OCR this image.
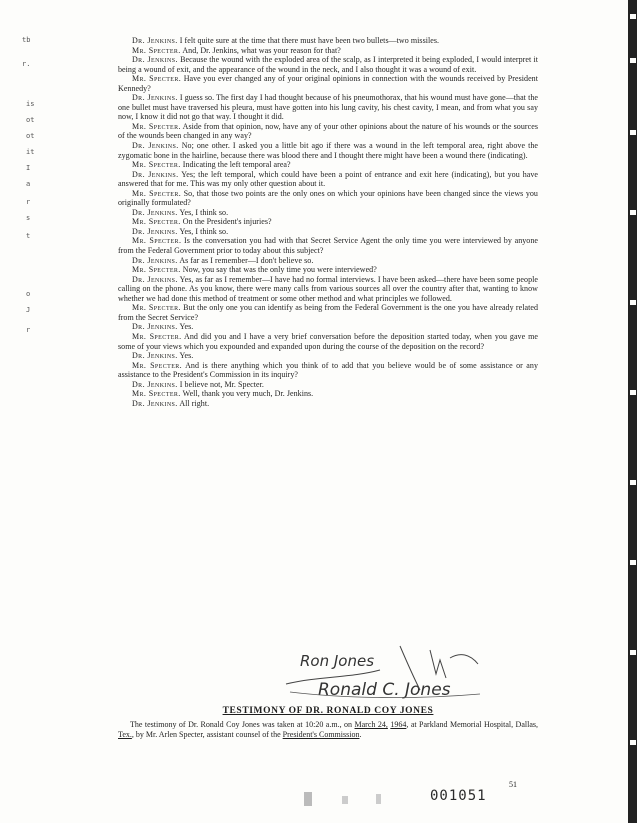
tb
r.
is
ot
ot
it
I
a
r
s
t
o
J
r

Dr. Jenkins. I felt quite sure at the time that there must have been two bullets—two missiles.

Mr. Specter. And, Dr. Jenkins, what was your reason for that?

Dr. Jenkins. Because the wound with the exploded area of the scalp, as I interpreted it being exploded, I would interpret it being a wound of exit, and the appearance of the wound in the neck, and I also thought it was a wound of exit.

Mr. Specter. Have you ever changed any of your original opinions in connection with the wounds received by President Kennedy?

Dr. Jenkins. I guess so. The first day I had thought because of his pneumothorax, that his wound must have gone—that the one bullet must have traversed his pleura, must have gotten into his lung cavity, his chest cavity, I mean, and from what you say now, I know it did not go that way. I thought it did.

Mr. Specter. Aside from that opinion, now, have any of your other opinions about the nature of his wounds or the sources of the wounds been changed in any way?

Dr. Jenkins. No; one other. I asked you a little bit ago if there was a wound in the left temporal area, right above the zygomatic bone in the hairline, because there was blood there and I thought there might have been a wound there (indicating).

Mr. Specter. Indicating the left temporal area?

Dr. Jenkins. Yes; the left temporal, which could have been a point of entrance and exit here (indicating), but you have answered that for me. This was my only other question about it.

Mr. Specter. So, that those two points are the only ones on which your opinions have been changed since the views you originally formulated?

Dr. Jenkins. Yes, I think so.

Mr. Specter. On the President's injuries?

Dr. Jenkins. Yes, I think so.

Mr. Specter. Is the conversation you had with that Secret Service Agent the only time you were interviewed by anyone from the Federal Government prior to today about this subject?

Dr. Jenkins. As far as I remember—I don't believe so.

Mr. Specter. Now, you say that was the only time you were interviewed?

Dr. Jenkins. Yes, as far as I remember—I have had no formal interviews. I have been asked—there have been some people calling on the phone. As you know, there were many calls from various sources all over the country after that, wanting to know whether we had done this method of treatment or some other method and what principles we followed.

Mr. Specter. But the only one you can identify as being from the Federal Government is the one you have already related from the Secret Service?

Dr. Jenkins. Yes.

Mr. Specter. And did you and I have a very brief conversation before the deposition started today, when you gave me some of your views which you expounded and expanded upon during the course of the deposition on the record?

Dr. Jenkins. Yes.

Mr. Specter. And is there anything which you think of to add that you believe would be of some assistance or any assistance to the President's Commission in its inquiry?

Dr. Jenkins. I believe not, Mr. Specter.

Mr. Specter. Well, thank you very much, Dr. Jenkins.

Dr. Jenkins. All right.

Ron Jones
Ronald C. Jones
TESTIMONY OF DR. RONALD COY JONES

The testimony of Dr. Ronald Coy Jones was taken at 10:20 a.m., on March 24, 1964, at Parkland Memorial Hospital, Dallas, Tex., by Mr. Arlen Specter, assistant counsel of the President's Commission.

001051
51
